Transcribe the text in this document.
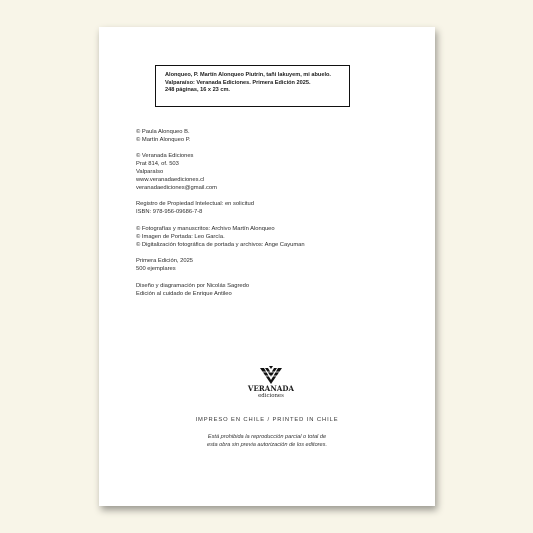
Alonqueo, P. Martín Alonqueo Piutrín, tañi lakuyem, mi abuelo.
Valparaíso: Veranada Ediciones. Primera Edición 2025.
248 páginas, 16 x 23 cm.
© Paula Alonqueo B.
© Martín Alonqueo P.
© Veranada Ediciones
Prat 814, of. 503
Valparaíso
www.veranadaediciones.cl
veranadaediciones@gmail.com
Registro de Propiedad Intelectual: en solicitud
ISBN: 978-956-09686-7-8
© Fotografías y manuscritos: Archivo Martín Alonqueo
© Imagen de Portada: Leo García.
© Digitalización fotográfica de portada y archivos: Ange Cayuman
Primera Edición, 2025
500 ejemplares
Diseño y diagramación por Nicolás Sagredo
Edición al cuidado de Enrique Antileo
VERANADA
ediciones
IMPRESO EN CHILE / PRINTED IN CHILE
Está prohibida la reproducción parcial o total de
esta obra sin previa autorización de los editores.
